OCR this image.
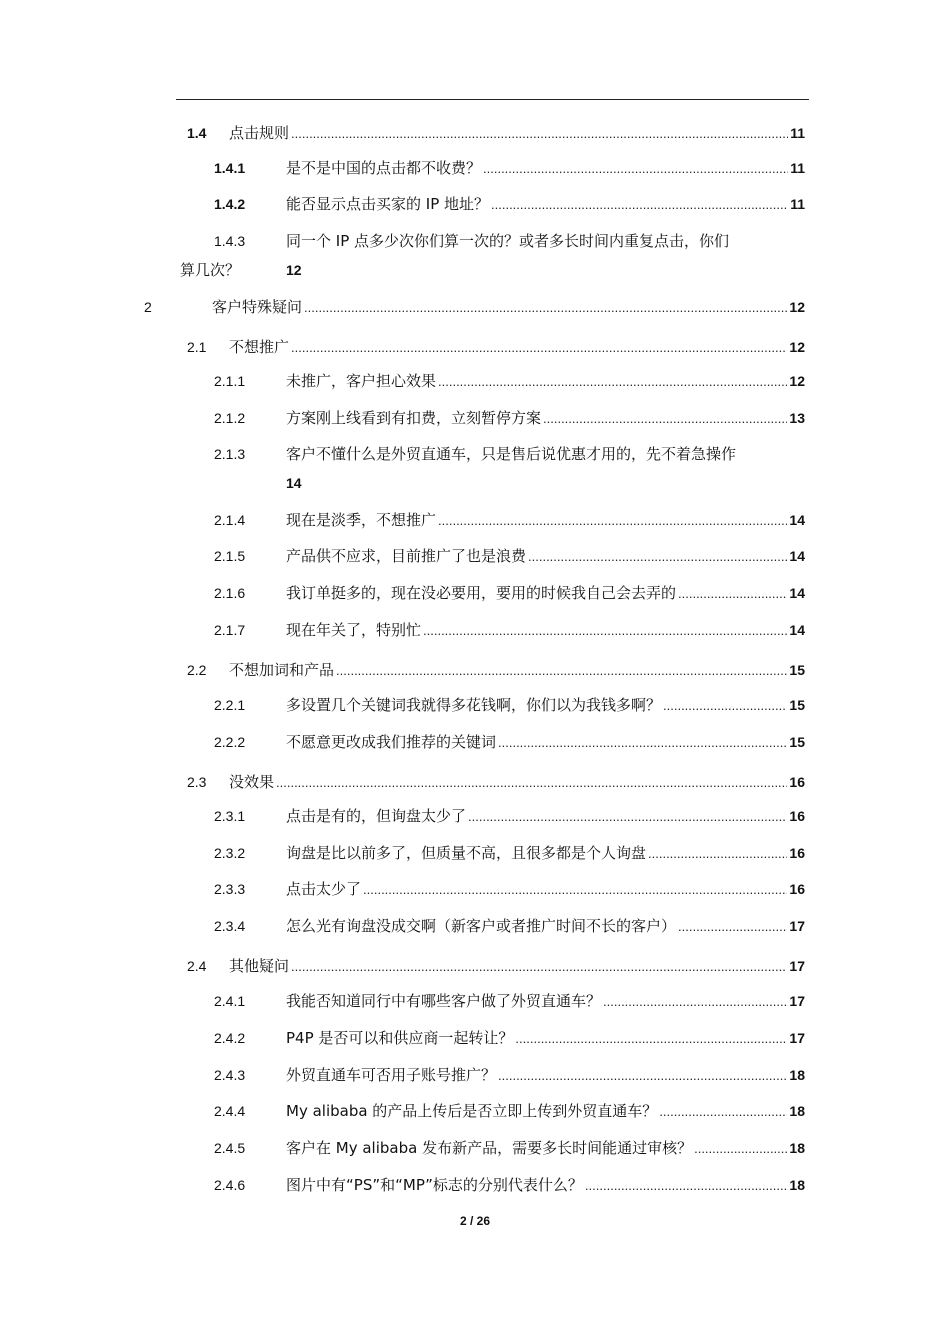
1.4 点击规则 .....	11
1.4.1	是不是中国的点击都不收费？ .....	11
1.4.2	能否显示点击买家的 IP 地址？ .....	11
1.4.3	同一个 IP 点多少次你们算一次的？或者多长时间内重复点击，你们
算几次？	12
2	客户特殊疑问 .....	12
2.1 不想推广 .....	12
2.1.1	未推广，客户担心效果 .....	12
2.1.2	方案刚上线看到有扣费，立刻暂停方案 .....	13
2.1.3	客户不懂什么是外贸直通车，只是售后说优惠才用的，先不着急操作
14
2.1.4	现在是淡季，不想推广 .....	14
2.1.5	产品供不应求，目前推广了也是浪费 .....	14
2.1.6	我订单挺多的，现在没必要用，要用的时候我自己会去弄的 .....	14
2.1.7	现在年关了，特别忙 .....	14
2.2 不想加词和产品 .....	15
2.2.1	多设置几个关键词我就得多花钱啊，你们以为我钱多啊？ .....	15
2.2.2	不愿意更改成我们推荐的关键词 .....	15
2.3 没效果 .....	16
2.3.1	点击是有的，但询盘太少了 .....	16
2.3.2	询盘是比以前多了，但质量不高，且很多都是个人询盘 .....	16
2.3.3	点击太少了 .....	16
2.3.4	怎么光有询盘没成交啊（新客户或者推广时间不长的客户） .....	17
2.4 其他疑问 .....	17
2.4.1	我能否知道同行中有哪些客户做了外贸直通车？ .....	17
2.4.2	P4P 是否可以和供应商一起转让？ .....	17
2.4.3	外贸直通车可否用子账号推广？ .....	18
2.4.4	My alibaba 的产品上传后是否立即上传到外贸直通车？ .....	18
2.4.5	客户在 My alibaba 发布新产品，需要多长时间能通过审核？ .....	18
2.4.6	图片中有“PS”和“MP”标志的分别代表什么？ .....	18
2 / 26
